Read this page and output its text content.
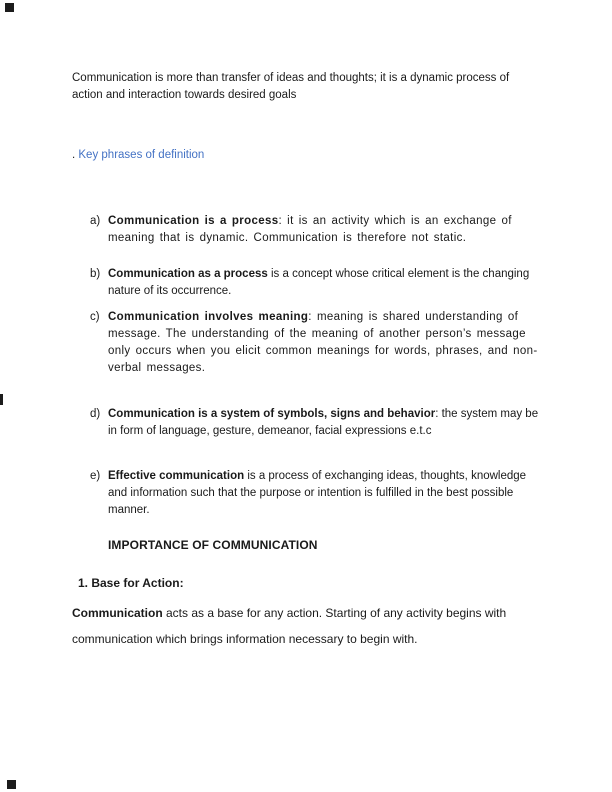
Communication is more than transfer of ideas and thoughts; it is a dynamic process of action and interaction towards desired goals

. Key phrases of definition

a) Communication is a process: it is an activity which is an exchange of meaning that is dynamic. Communication is therefore not static.
b) Communication as a process is a concept whose critical element is the changing nature of its occurrence.
c) Communication involves meaning: meaning is shared understanding of message. The understanding of the meaning of another person’s message only occurs when you elicit common meanings for words, phrases, and non-verbal messages.
d) Communication is a system of symbols, signs and behavior: the system may be in form of language, gesture, demeanor, facial expressions e.t.c
e) Effective communication is a process of exchanging ideas, thoughts, knowledge and information such that the purpose or intention is fulfilled in the best possible manner.
IMPORTANCE OF COMMUNICATION
1. Base for Action:

Communication acts as a base for any action. Starting of any activity begins with communication which brings information necessary to begin with.
